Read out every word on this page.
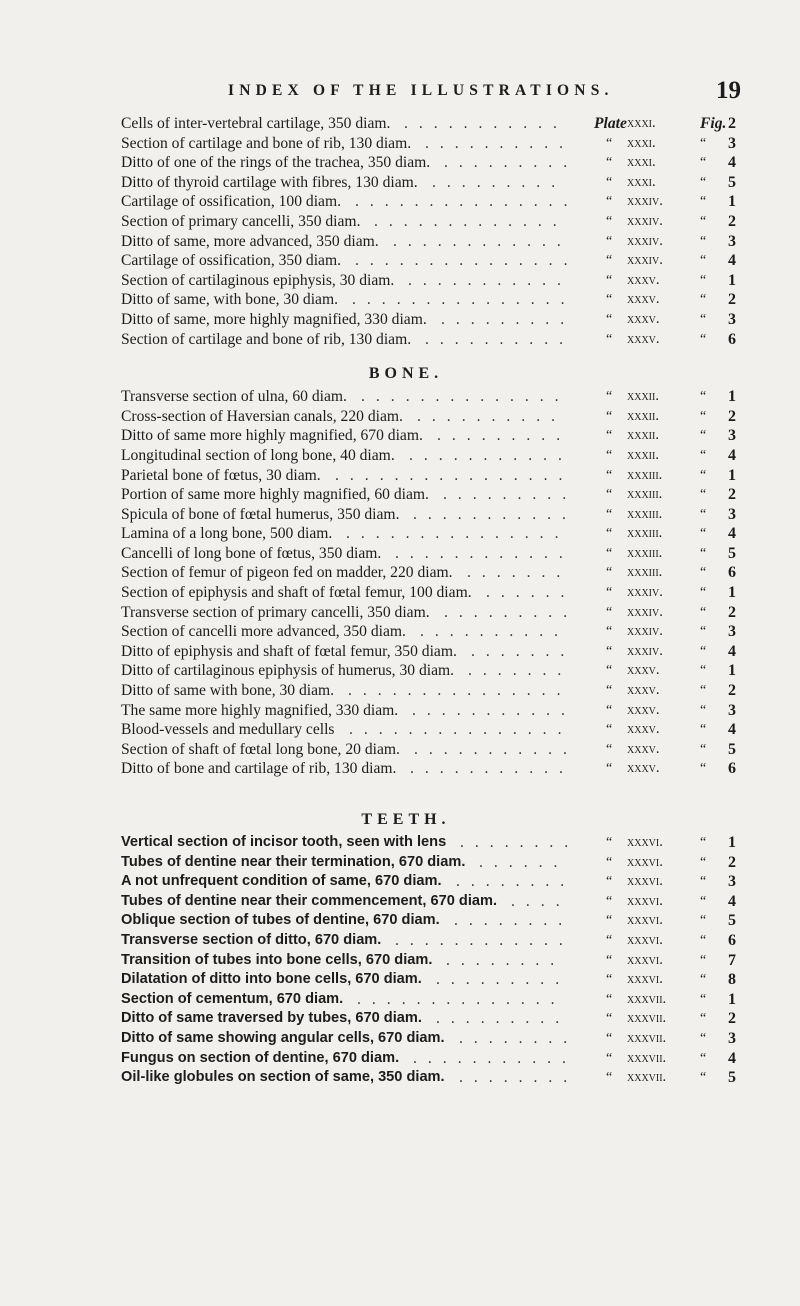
INDEX OF THE ILLUSTRATIONS.	19
Cells of inter-vertebral cartilage, 350 diam. ........... Plate xxxi.	Fig. 2
Section of cartilage and bone of rib, 130 diam. .......... “ xxxi.	“ 3
Ditto of one of the rings of the trachea, 350 diam. ......... “ xxxi.	“ 4
Ditto of thyroid cartilage with fibres, 130 diam. .........	“ xxxi.	“ 5
Cartilage of ossification, 100 diam. ............... “ xxxiv.	“ 1
Section of primary cancelli, 350 diam. .............	“ xxxiv.	“ 2
Ditto of same, more advanced, 350 diam. ............ “ xxxiv.	“ 3
Cartilage of ossification, 350 diam. ............... “ xxxiv.	“ 4
Section of cartilaginous epiphysis, 30 diam. ........... “ xxxv.	“ 1
Ditto of same, with bone, 30 diam. ............... “ xxxv.	“ 2
Ditto of same, more highly magnified, 330 diam. ......... “ xxxv.	“ 3
Section of cartilage and bone of rib, 130 diam. .......... “ xxxv.	“ 6
BONE.
Transverse section of ulna, 60 diam. ..............	“ xxxii.	“ 1
Cross-section of Haversian canals, 220 diam. ..........	“ xxxii.	“ 2
Ditto of same more highly magnified, 670 diam. ......... “ xxxii.	“ 3
Longitudinal section of long bone, 40 diam. ........... “ xxxii.	“ 4
Parietal bone of fœtus, 30 diam. ................ “ xxxiii.	“ 1
Portion of same more highly magnified, 60 diam. ......... “ xxxiii.	“ 2
Spicula of bone of fœtal humerus, 350 diam. ........... “ xxxiii.	“ 3
Lamina of a long bone, 500 diam. ...............	“ xxxiii.	“ 4
Cancelli of long bone of fœtus, 350 diam. ............ “ xxxiii.	“ 5
Section of femur of pigeon fed on madder, 220 diam. ....... “ xxxiii.	“ 6
Section of epiphysis and shaft of fœtal femur, 100 diam. ...... “ xxxiv.	“ 1
Transverse section of primary cancelli, 350 diam. ......... “ xxxiv.	“ 2
Section of cancelli more advanced, 350 diam. ..........	“ xxxiv.	“ 3
Ditto of epiphysis and shaft of fœtal femur, 350 diam. ....... “ xxxiv.	“ 4
Ditto of cartilaginous epiphysis of humerus, 30 diam. ....... “ xxxv.	“ 1
Ditto of same with bone, 30 diam. ............... “ xxxv.	“ 2
The same more highly magnified, 330 diam. ........... “ xxxv.	“ 3
Blood-vessels and medullary cells ............... “ xxxv.	“ 4
Section of shaft of fœtal long bone, 20 diam. ........... “ xxxv.	“ 5
Ditto of bone and cartilage of rib, 130 diam. ........... “ xxxv.	“ 6
TEETH.
Vertical section of incisor tooth, seen with lens ........ “ xxxvi.	“ 1
Tubes of dentine near their termination, 670 diam. ......	“ xxxvi.	“ 2
A not unfrequent condition of same, 670 diam. ........ “ xxxvi.	“ 3
Tubes of dentine near their commencement, 670 diam. ....	“ xxxvi.	“ 4
Oblique section of tubes of dentine, 670 diam. ........ “ xxxvi.	“ 5
Transverse section of ditto, 670 diam. ............ “ xxxvi.	“ 6
Transition of tubes into bone cells, 670 diam. ........	“ xxxvi.	“ 7
Dilatation of ditto into bone cells, 670 diam. .........	“ xxxvi.	“ 8
Section of cementum, 670 diam. ..............	“ xxxvii. “ 1
Ditto of same traversed by tubes, 670 diam. .........	“ xxxvii. “ 2
Ditto of same showing angular cells, 670 diam. ........ “ xxxvii. “ 3
Fungus on section of dentine, 670 diam. ........... “ xxxvii. “ 4
Oil-like globules on section of same, 350 diam. ........ “ xxxvii. “ 5
